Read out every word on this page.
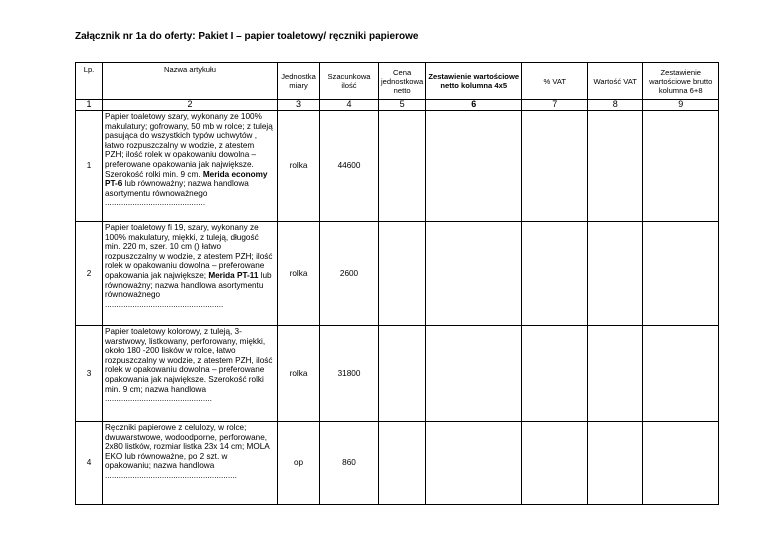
Załącznik nr 1a do oferty: Pakiet I – papier toaletowy/ ręczniki papierowe
Lp.	Nazwa artykułu	Jednostka miary	Szacunkowa ilość	Cena jednostkowa netto	Zestawienie wartościowe netto kolumna 4x5	% VAT	Wartość VAT	Zestawienie wartościowe brutto kolumna 6+8
1	2	3	4	5	6	7	8	9
1	Papier toaletowy szary, wykonany ze 100% makulatury; gofrowany, 50 mb w rolce; z tuleją pasująca do wszystkich typów uchwytów , łatwo rozpuszczalny w wodzie, z atestem PZH; ilość rolek w opakowaniu dowolna – preferowane opakowania jak największe. Szerokość rolki min. 9 cm. Merida economy PT-6 lub równoważny; nazwa handlowa asortymentu równoważnego ............................................	rolka	44600					
2	Papier toaletowy fi 19, szary, wykonany ze 100% makulatury, miękki, z tuleją, długość min. 220 m, szer. 10 cm () łatwo rozpuszczalny w wodzie, z atestem PZH; ilość rolek w opakowaniu dowolna – preferowane opakowania jak największe; Merida PT-11 lub równoważny; nazwa handlowa asortymentu równoważnego ....................................................	rolka	2600					
3	Papier toaletowy kolorowy, z tuleją, 3-warstwowy, listkowany, perforowany, miękki, około 180 -200 lisków w rolce, łatwo rozpuszczalny w wodzie, z atestem PZH, ilość rolek w opakowaniu dowolna – preferowane opakowania jak największe. Szerokość rolki min. 9 cm; nazwa handlowa ...............................................	rolka	31800					
4	Ręczniki papierowe z celulozy, w rolce; dwuwarstwowe, wodoodporne, perforowane, 2x80 listków, rozmiar listka 23x 14 cm; MOLA EKO lub równoważne, po 2 szt. w opakowaniu; nazwa handlowa ..........................................................	op	860					
